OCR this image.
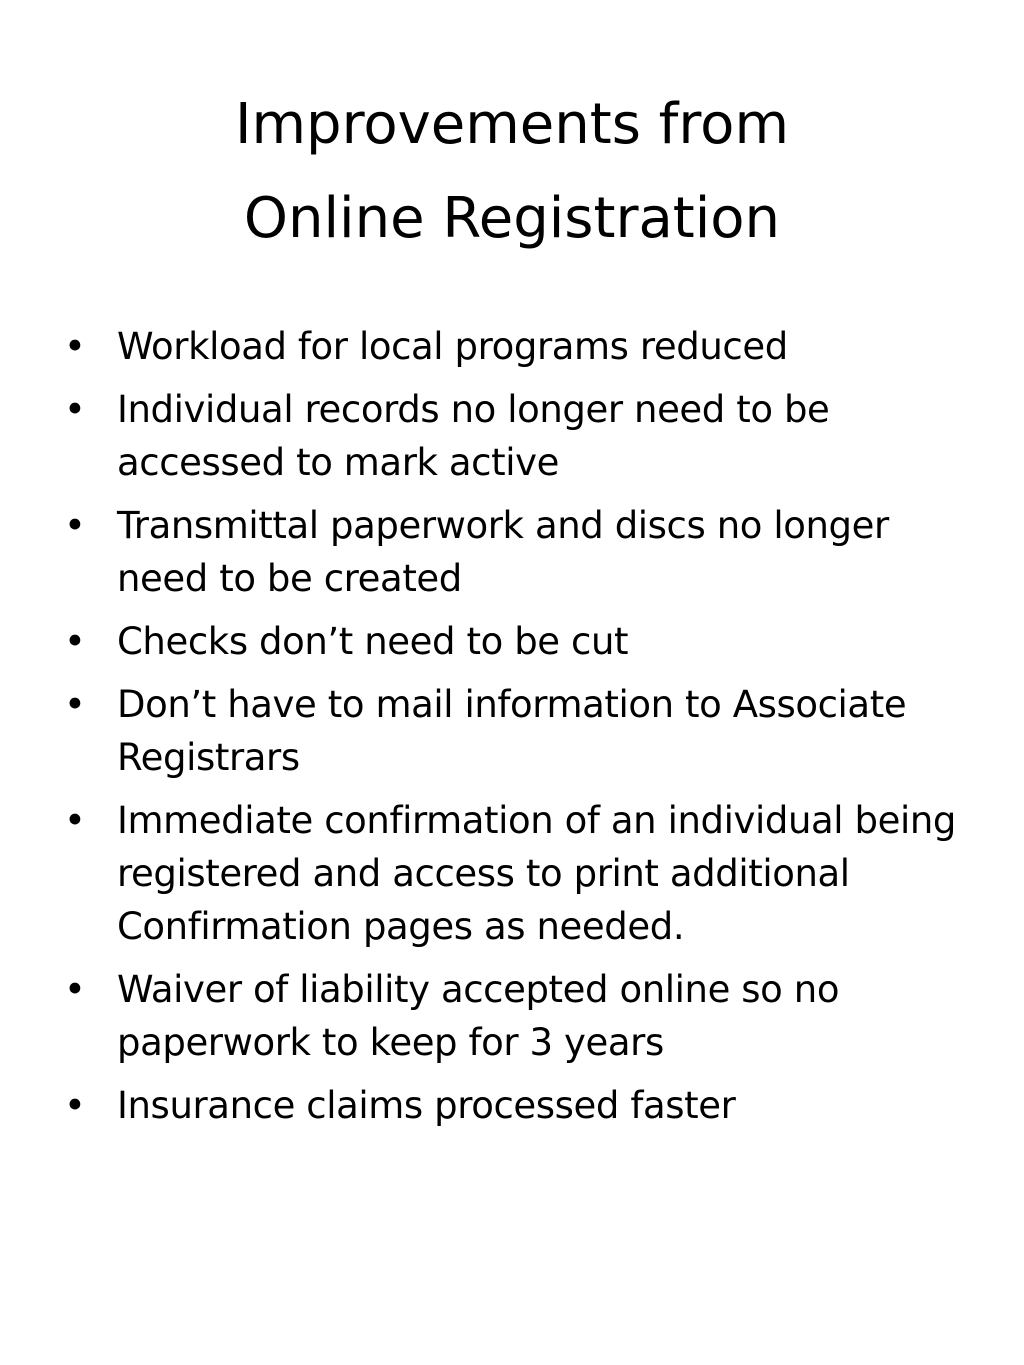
Improvements from
Online Registration
• Workload for local programs reduced
• Individual records no longer need to be accessed to mark active
• Transmittal paperwork and discs no longer need to be created
• Checks don’t need to be cut
• Don’t have to mail information to Associate Registrars
• Immediate confirmation of an individual being registered and access to print additional Confirmation pages as needed.
• Waiver of liability accepted online so no paperwork to keep for 3 years
• Insurance claims processed faster
